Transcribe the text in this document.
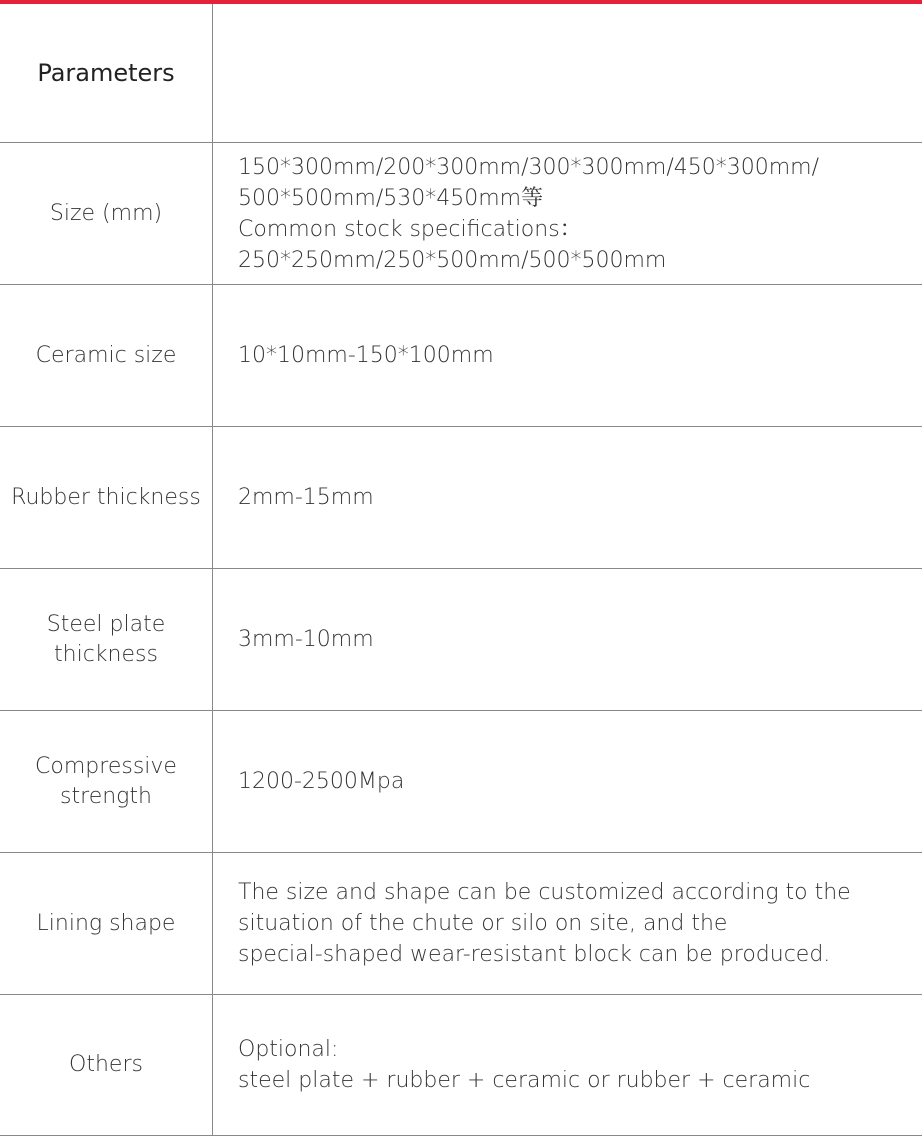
Parameters
Size (mm)
150*300mm/200*300mm/300*300mm/450*300mm/
500*500mm/530*450mm等
Common stock specifications：
250*250mm/250*500mm/500*500mm
Ceramic size	10*10mm-150*100mm
Rubber thickness 2mm-15mm
Steel plate
thickness
3mm-10mm
Compressive
strength
1200-2500Mpa
Lining shape
The size and shape can be customized according to the
situation of the chute or silo on site, and the
special-shaped wear-resistant block can be produced.
Others
Optional:
steel plate + rubber + ceramic or rubber + ceramic
